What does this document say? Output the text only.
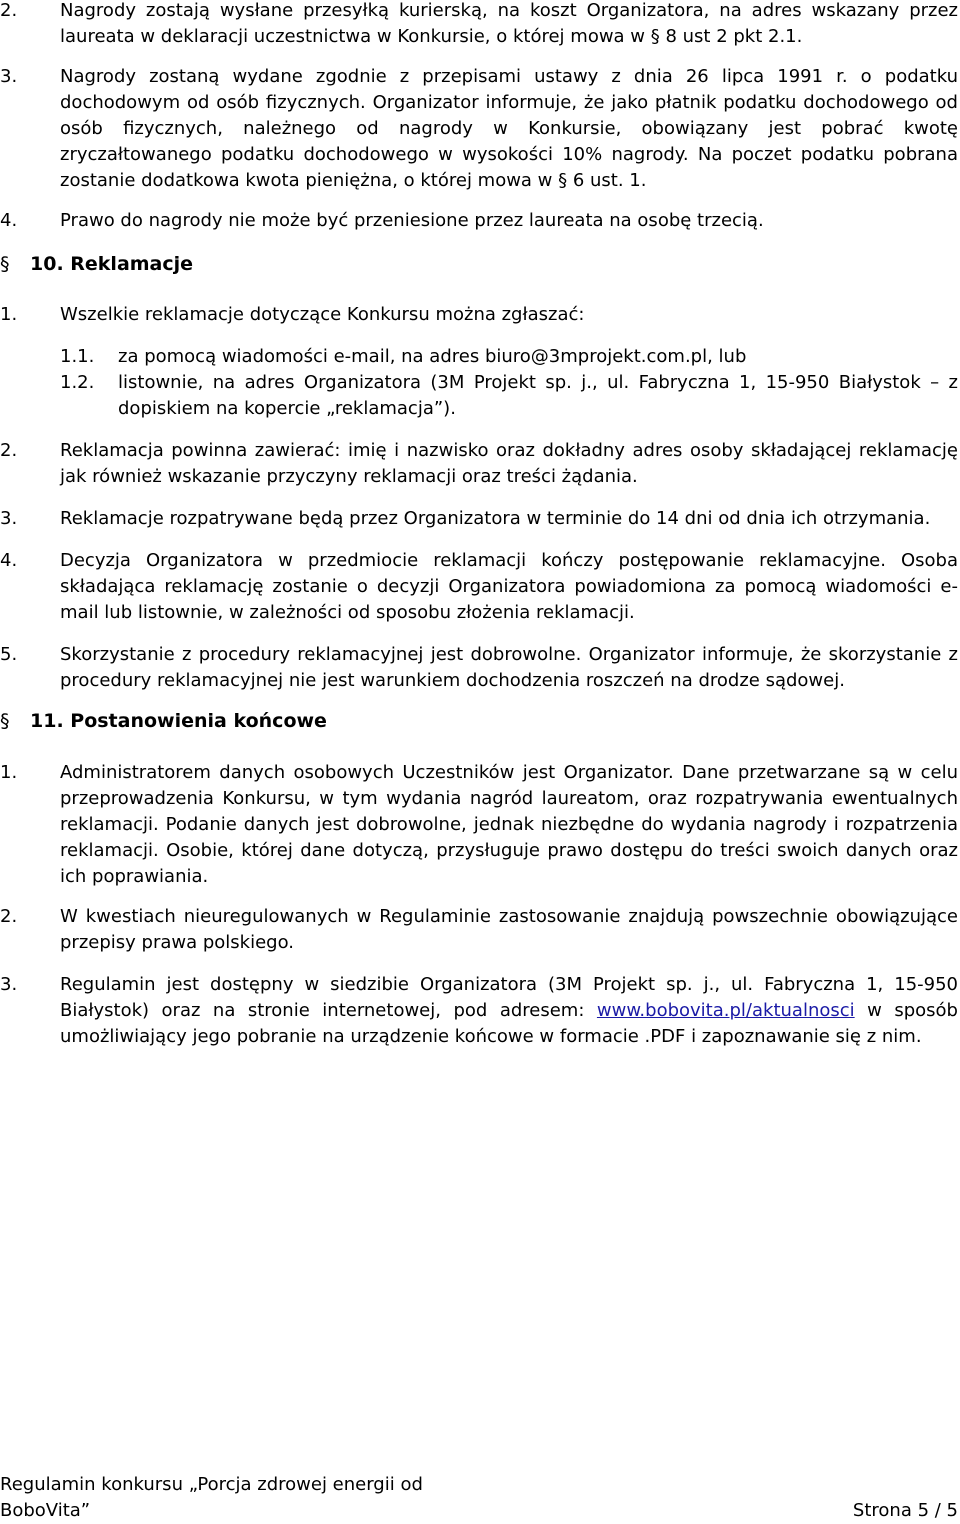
2. Nagrody zostają wysłane przesyłką kurierską, na koszt Organizatora, na adres wskazany przez laureata w deklaracji uczestnictwa w Konkursie, o której mowa w § 8 ust 2 pkt 2.1.
3. Nagrody zostaną wydane zgodnie z przepisami ustawy z dnia 26 lipca 1991 r. o podatku dochodowym od osób fizycznych. Organizator informuje, że jako płatnik podatku dochodowego od osób fizycznych, należnego od nagrody w Konkursie, obowiązany jest pobrać kwotę zryczałtowanego podatku dochodowego w wysokości 10% nagrody. Na poczet podatku pobrana zostanie dodatkowa kwota pieniężna, o której mowa w § 6 ust. 1.
4. Prawo do nagrody nie może być przeniesione przez laureata na osobę trzecią.
§ 10. Reklamacje
1. Wszelkie reklamacje dotyczące Konkursu można zgłaszać:
1.1. za pomocą wiadomości e-mail, na adres biuro@3mprojekt.com.pl, lub
1.2. listownie, na adres Organizatora (3M Projekt sp. j., ul. Fabryczna 1, 15-950 Białystok – z dopiskiem na kopercie „reklamacja”).
2. Reklamacja powinna zawierać: imię i nazwisko oraz dokładny adres osoby składającej reklamację jak również wskazanie przyczyny reklamacji oraz treści żądania.
3. Reklamacje rozpatrywane będą przez Organizatora w terminie do 14 dni od dnia ich otrzymania.
4. Decyzja Organizatora w przedmiocie reklamacji kończy postępowanie reklamacyjne. Osoba składająca reklamację zostanie o decyzji Organizatora powiadomiona za pomocą wiadomości e-mail lub listownie, w zależności od sposobu złożenia reklamacji.
5. Skorzystanie z procedury reklamacyjnej jest dobrowolne. Organizator informuje, że skorzystanie z procedury reklamacyjnej nie jest warunkiem dochodzenia roszczeń na drodze sądowej.
§ 11. Postanowienia końcowe
1. Administratorem danych osobowych Uczestników jest Organizator. Dane przetwarzane są w celu przeprowadzenia Konkursu, w tym wydania nagród laureatom, oraz rozpatrywania ewentualnych reklamacji. Podanie danych jest dobrowolne, jednak niezbędne do wydania nagrody i rozpatrzenia reklamacji. Osobie, której dane dotyczą, przysługuje prawo dostępu do treści swoich danych oraz ich poprawiania.
2. W kwestiach nieuregulowanych w Regulaminie zastosowanie znajdują powszechnie obowiązujące przepisy prawa polskiego.
3. Regulamin jest dostępny w siedzibie Organizatora (3M Projekt sp. j., ul. Fabryczna 1, 15-950 Białystok) oraz na stronie internetowej, pod adresem: www.bobovita.pl/aktualnosci w sposób umożliwiający jego pobranie na urządzenie końcowe w formacie .PDF i zapoznawanie się z nim.
Regulamin konkursu „Porcja zdrowej energii od
BoboVita”	Strona 5 / 5
